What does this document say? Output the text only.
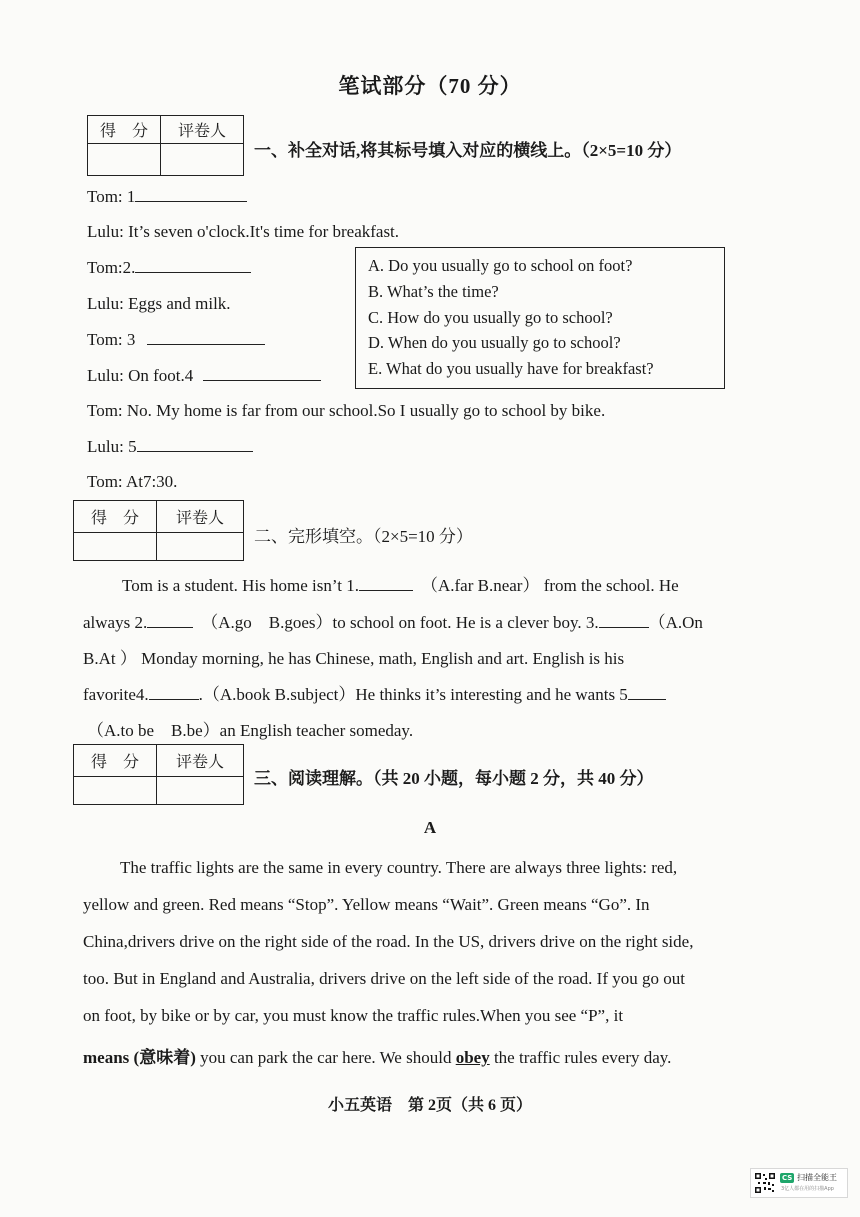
笔试部分（70 分）
得　分	评卷人

一、补全对话,将其标号填入对应的横线上。（2×5=10 分）
Tom: 1
Lulu: It’s seven o'clock.It's time for breakfast.
Tom:2.
Lulu: Eggs and milk.
Tom: 3
Lulu: On foot.4
A. Do you usually go to school on foot?
B. What’s the time?
C. How do you usually go to school?
D. When do you usually go to school?
E. What do you usually have for breakfast?
Tom: No. My home is far from our school.So I usually go to school by bike.
Lulu: 5
Tom: At7:30.
得　分	评卷人

二、完形填空。（2×5=10 分）
Tom is a student. His home isn’t 1.	（A.far B.near） from the school. He
always 2.	（A.go　B.goes）to school on foot. He is a clever boy. 3.	（A.On
B.At ） Monday morning, he has Chinese, math, English and art. English is his
favorite4.	.（A.book B.subject）He thinks it’s interesting and he wants 5
（A.to be　B.be）an English teacher someday.
得　分	评卷人

三、阅读理解。（共 20 小题，每小题 2 分，共 40 分）
A
The traffic lights are the same in every country. There are always three lights: red,
yellow and green. Red means “Stop”. Yellow means “Wait”. Green means “Go”. In
China,drivers drive on the right side of the road. In the US, drivers drive on the right side,
too. But in England and Australia, drivers drive on the left side of the road. If you go out
on foot, by bike or by car, you must know the traffic rules.When you see “P”, it
means (意味着) you can park the car here. We should obey the traffic rules every day.
小五英语　第 2页（共 6 页）
CS 扫描全能王
3亿人都在用的扫描App
